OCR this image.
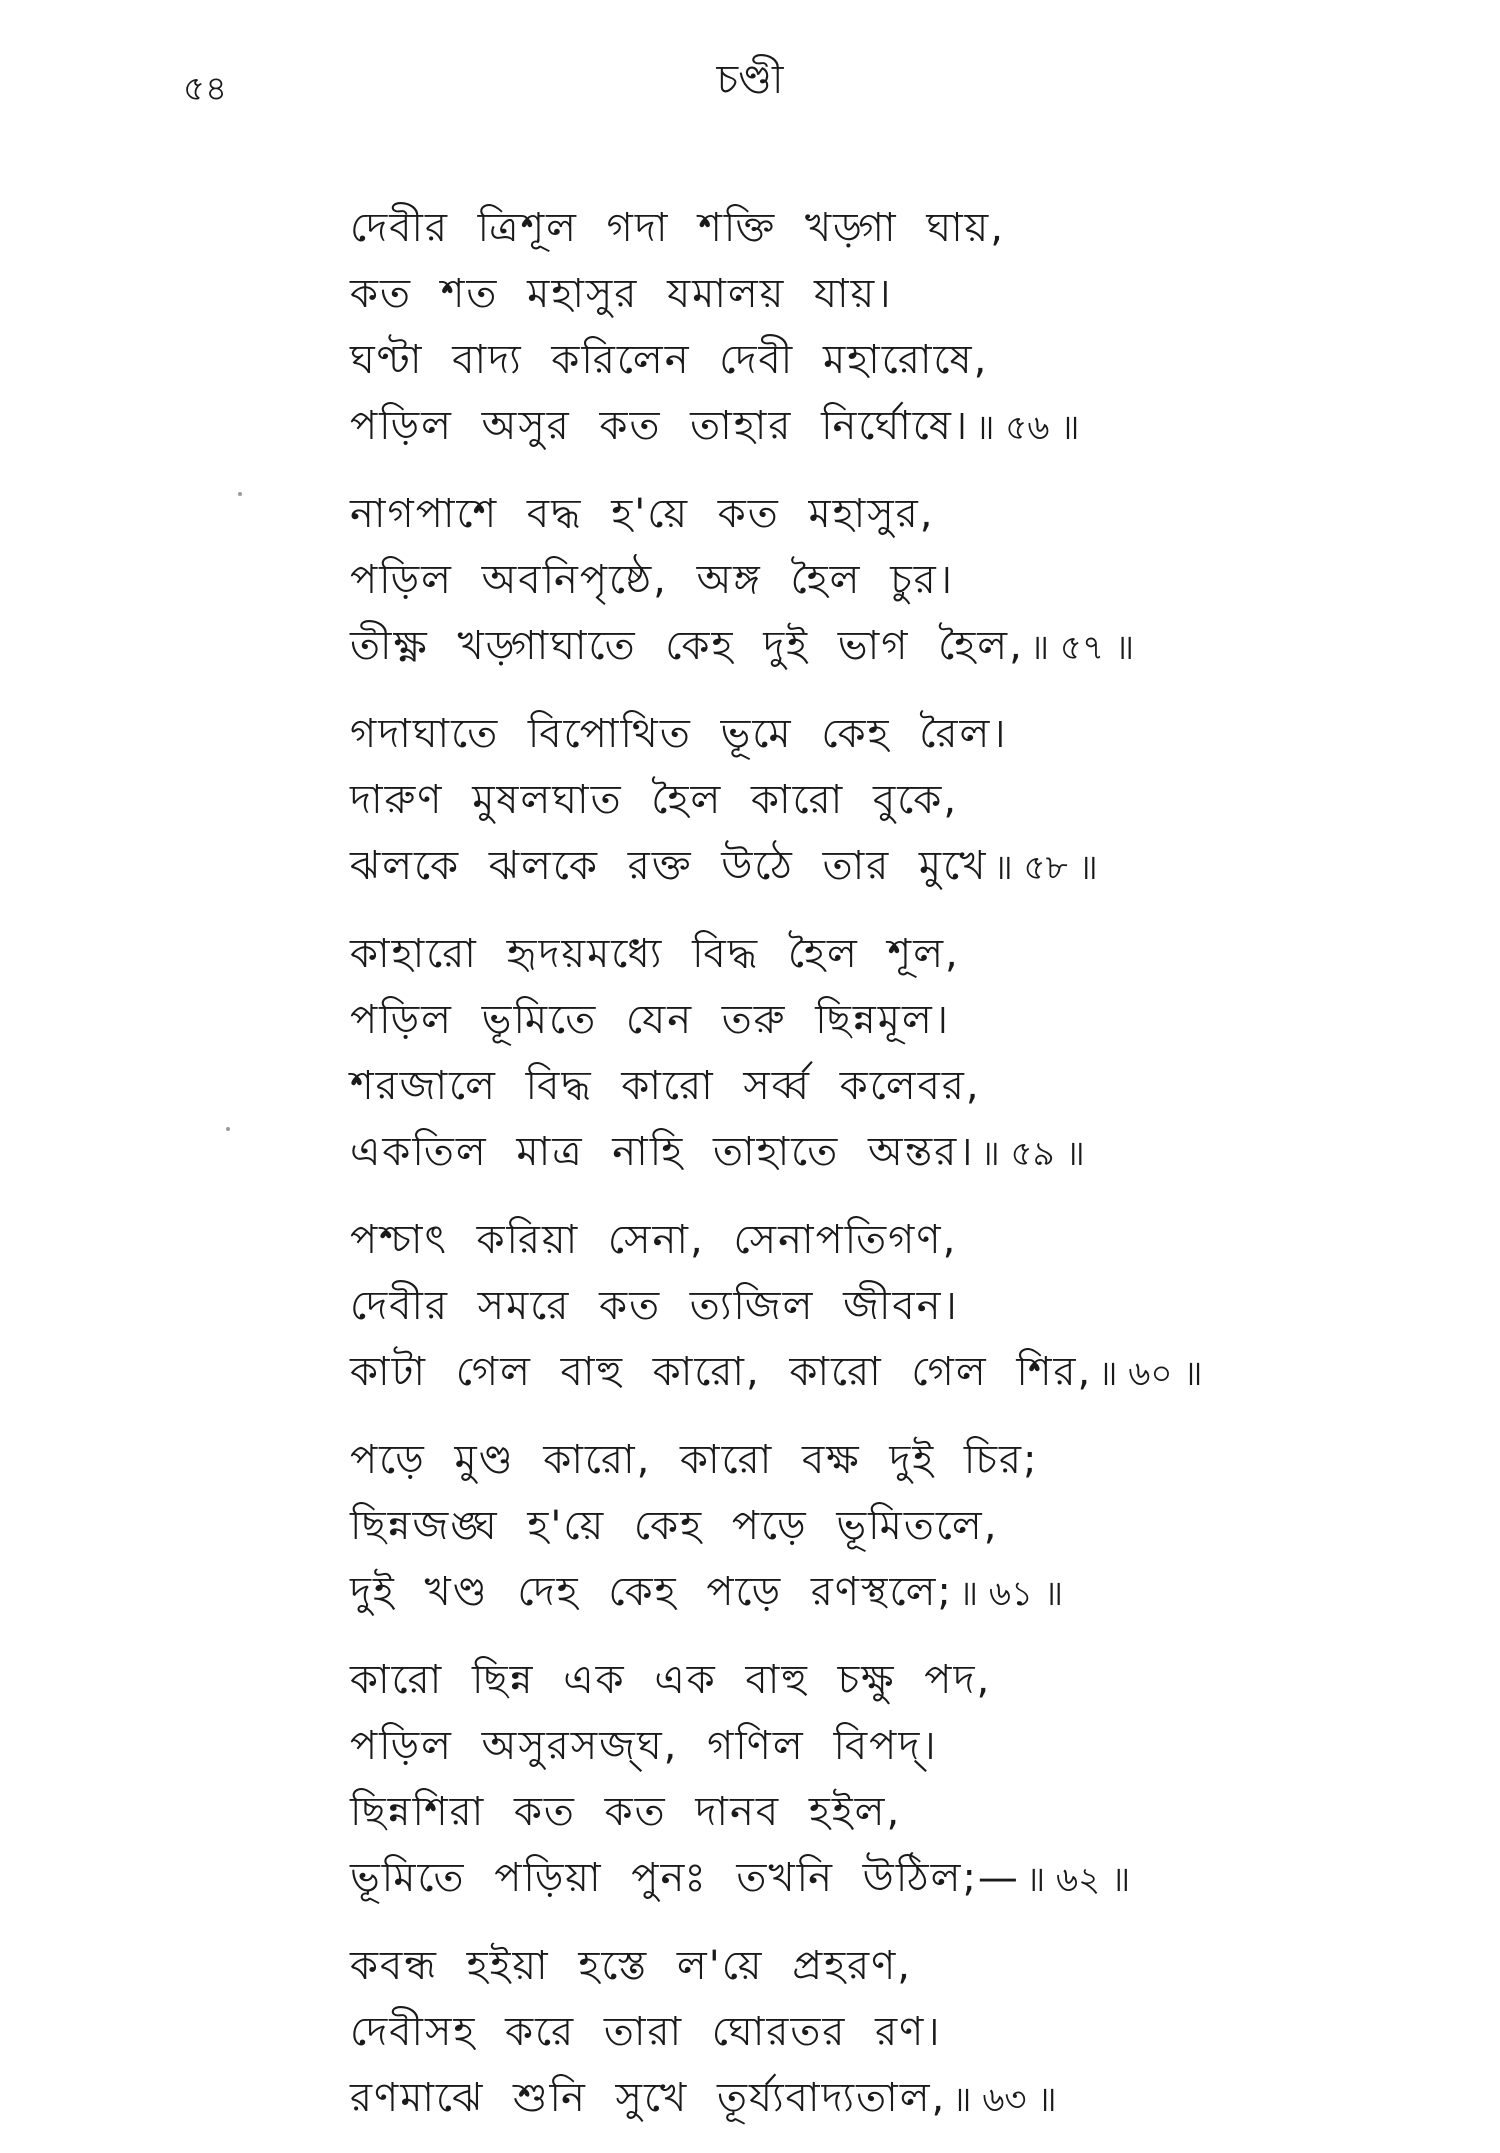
৫৪	চণ্ডী
দেবীর ত্রিশূল গদা শক্তি খড়্গা ঘায়,
কত শত মহাসুর যমালয় যায়।
ঘণ্টা বাদ্য করিলেন দেবী মহারোষে,
পড়িল অসুর কত তাহার নির্ঘোষে। ॥ ৫৬ ॥
নাগপাশে বদ্ধ হ'য়ে কত মহাসুর,
পড়িল অবনিপৃষ্ঠে, অঙ্গ হৈল চুর।
তীক্ষ্ণ খড়্গাঘাতে কেহ দুই ভাগ হৈল, ॥ ৫৭ ॥
গদাঘাতে বিপোথিত ভূমে কেহ রৈল।
দারুণ মুষলঘাত হৈল কারো বুকে,
ঝলকে ঝলকে রক্ত উঠে তার মুখে ॥ ৫৮ ॥
কাহারো হৃদয়মধ্যে বিদ্ধ হৈল শূল,
পড়িল ভূমিতে যেন তরু ছিন্নমূল।
শরজালে বিদ্ধ কারো সর্ব্ব কলেবর,
একতিল মাত্র নাহি তাহাতে অন্তর। ॥ ৫৯ ॥
পশ্চাৎ করিয়া সেনা, সেনাপতিগণ,
দেবীর সমরে কত ত্যজিল জীবন।
কাটা গেল বাহু কারো, কারো গেল শির, ॥ ৬০ ॥
পড়ে মুণ্ড কারো, কারো বক্ষ দুই চির;
ছিন্নজঙ্ঘ হ'য়ে কেহ পড়ে ভূমিতলে,
দুই খণ্ড দেহ কেহ পড়ে রণস্থলে; ॥ ৬১ ॥
কারো ছিন্ন এক এক বাহু চক্ষু পদ,
পড়িল অসুরসজ্ঘ, গণিল বিপদ্।
ছিন্নশিরা কত কত দানব হইল,
ভূমিতে পড়িয়া পুনঃ তখনি উঠিল;— ॥ ৬২ ॥
কবন্ধ হইয়া হস্তে ল'য়ে প্রহরণ,
দেবীসহ করে তারা ঘোরতর রণ।
রণমাঝে শুনি সুখে তূর্য্যবাদ্যতাল, ॥ ৬৩ ॥
